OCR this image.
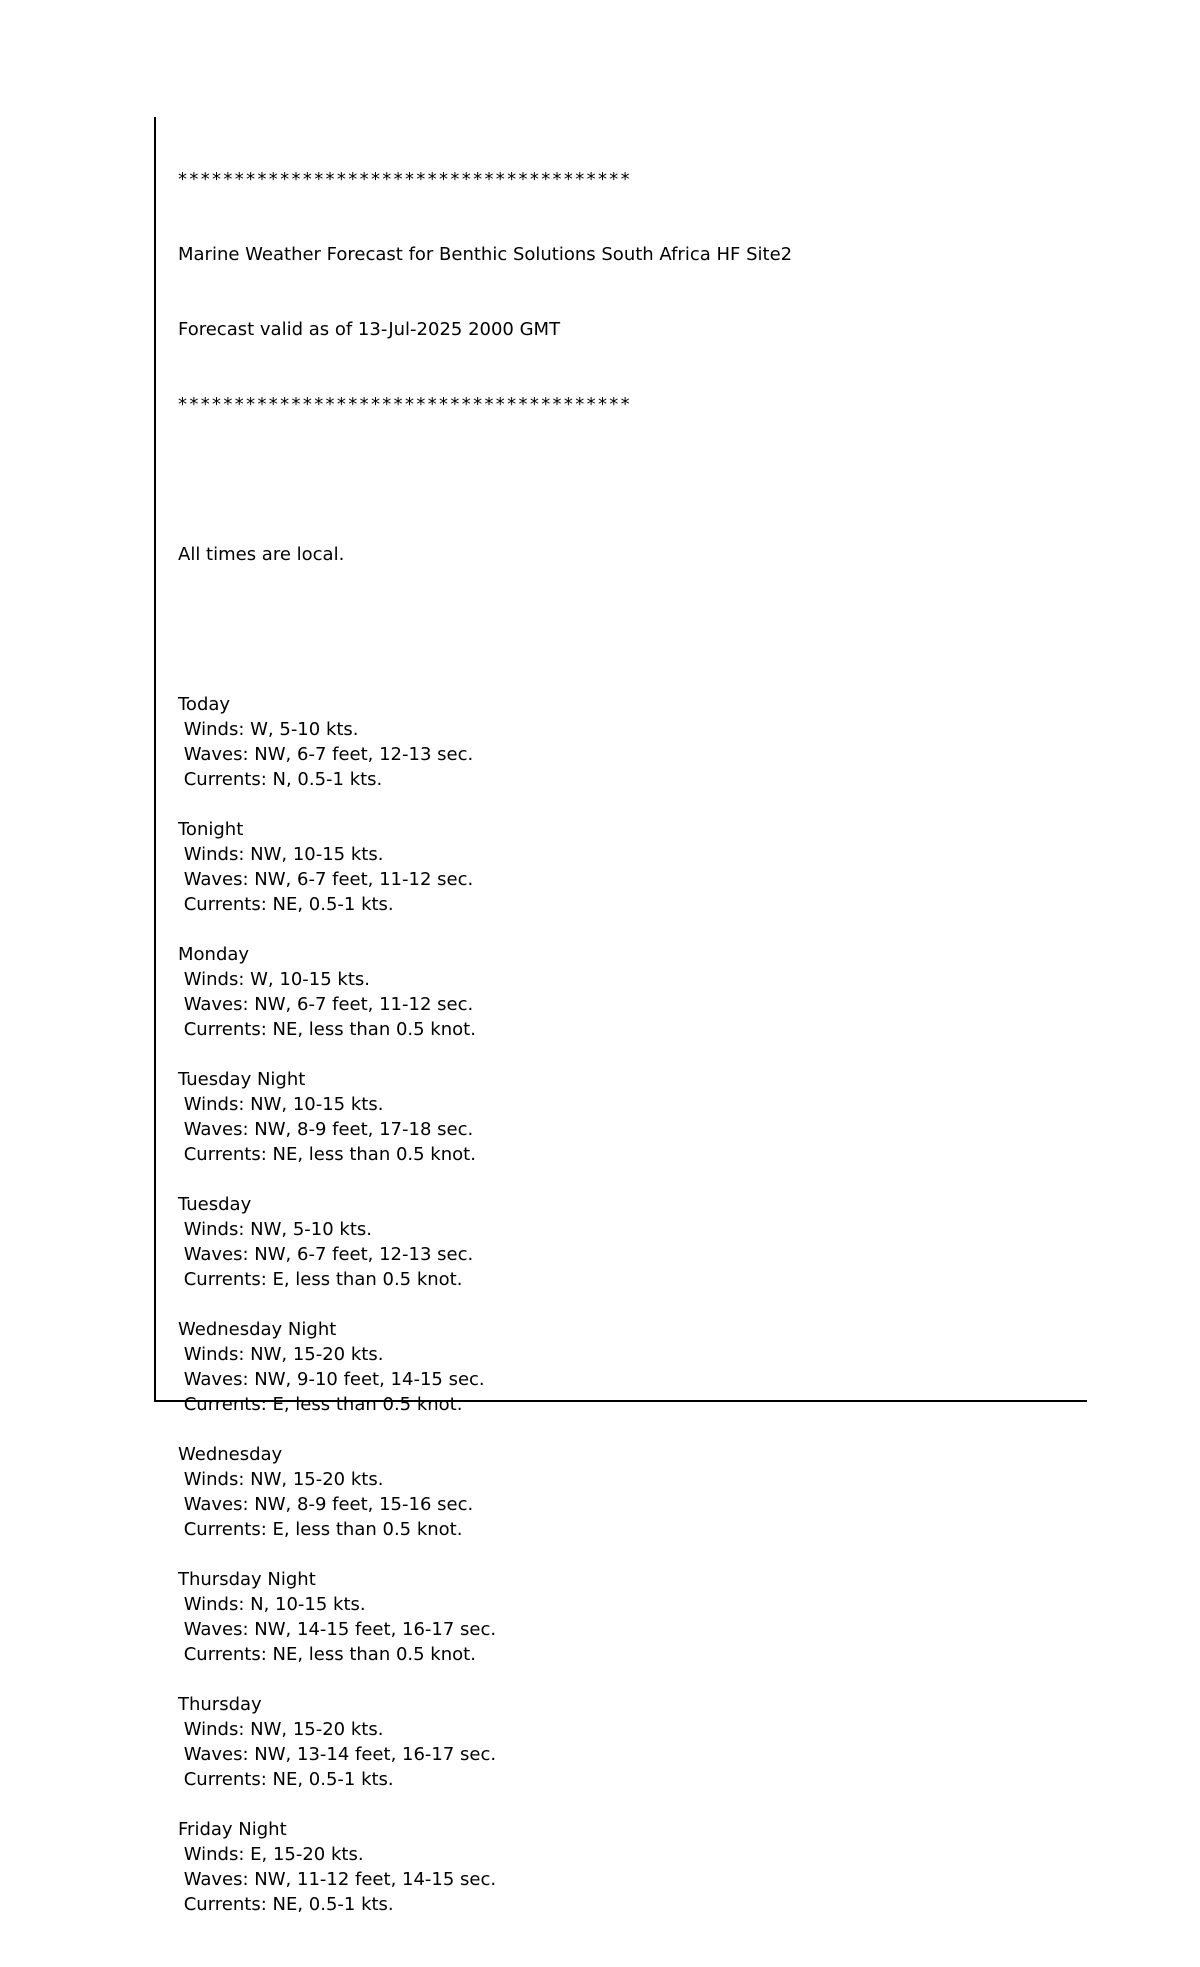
****************************************

Marine Weather Forecast for Benthic Solutions South Africa HF Site2

Forecast valid as of 13-Jul-2025 2000 GMT

****************************************

All times are local.

Today
Winds: W, 5-10 kts.
Waves: NW, 6-7 feet, 12-13 sec.
Currents: N, 0.5-1 kts.
Tonight
Winds: NW, 10-15 kts.
Waves: NW, 6-7 feet, 11-12 sec.
Currents: NE, 0.5-1 kts.
Monday
Winds: W, 10-15 kts.
Waves: NW, 6-7 feet, 11-12 sec.
Currents: NE, less than 0.5 knot.
Tuesday Night
Winds: NW, 10-15 kts.
Waves: NW, 8-9 feet, 17-18 sec.
Currents: NE, less than 0.5 knot.
Tuesday
Winds: NW, 5-10 kts.
Waves: NW, 6-7 feet, 12-13 sec.
Currents: E, less than 0.5 knot.
Wednesday Night
Winds: NW, 15-20 kts.
Waves: NW, 9-10 feet, 14-15 sec.
Currents: E, less than 0.5 knot.
Wednesday
Winds: NW, 15-20 kts.
Waves: NW, 8-9 feet, 15-16 sec.
Currents: E, less than 0.5 knot.
Thursday Night
Winds: N, 10-15 kts.
Waves: NW, 14-15 feet, 16-17 sec.
Currents: NE, less than 0.5 knot.
Thursday
Winds: NW, 15-20 kts.
Waves: NW, 13-14 feet, 16-17 sec.
Currents: NE, 0.5-1 kts.
Friday Night
Winds: E, 15-20 kts.
Waves: NW, 11-12 feet, 14-15 sec.
Currents: NE, 0.5-1 kts.
